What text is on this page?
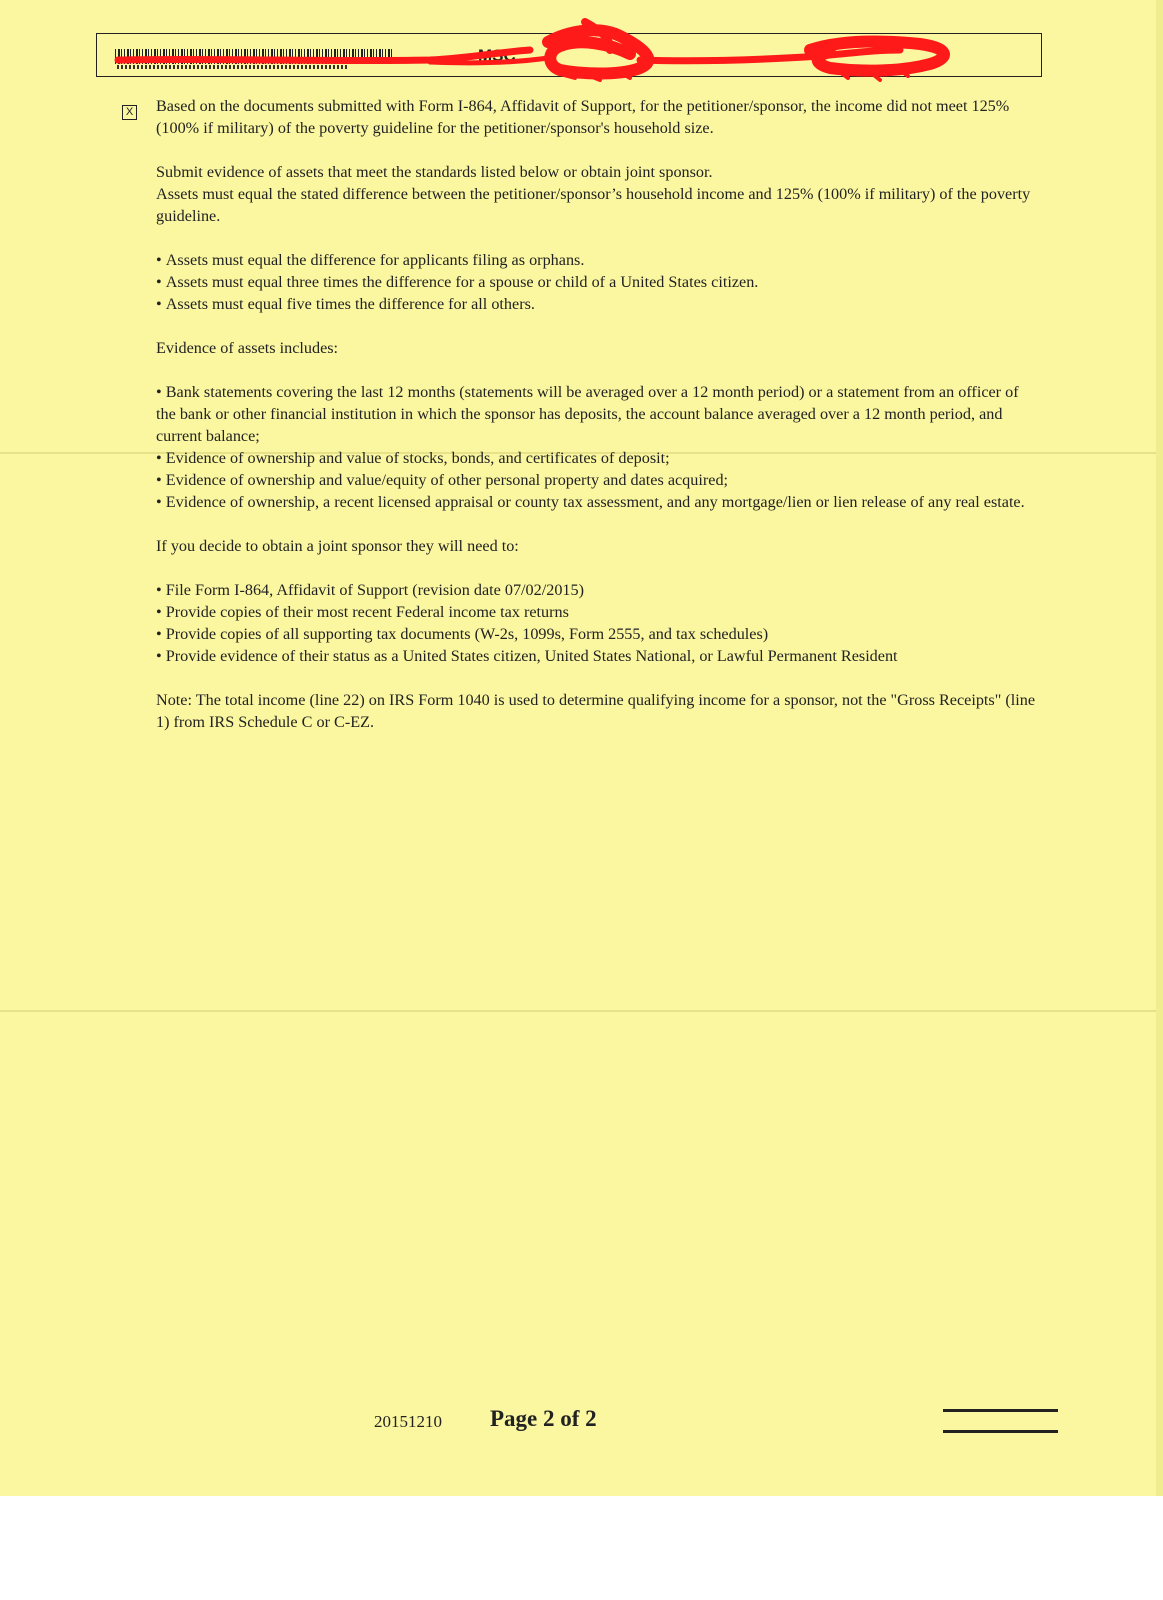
MSC
X Based on the documents submitted with Form I-864, Affidavit of Support, for the petitioner/sponsor, the income did not meet 125% (100% if military) of the poverty guideline for the petitioner/sponsor's household size.

Submit evidence of assets that meet the standards listed below or obtain joint sponsor.

Assets must equal the stated difference between the petitioner/sponsor’s household income and 125% (100% if military) of the poverty guideline.

• Assets must equal the difference for applicants filing as orphans.

• Assets must equal three times the difference for a spouse or child of a United States citizen.

• Assets must equal five times the difference for all others.

Evidence of assets includes:

• Bank statements covering the last 12 months (statements will be averaged over a 12 month period) or a statement from an officer of the bank or other financial institution in which the sponsor has deposits, the account balance averaged over a 12 month period, and current balance;

• Evidence of ownership and value of stocks, bonds, and certificates of deposit;

• Evidence of ownership and value/equity of other personal property and dates acquired;

• Evidence of ownership, a recent licensed appraisal or county tax assessment, and any mortgage/lien or lien release of any real estate.

If you decide to obtain a joint sponsor they will need to:

• File Form I-864, Affidavit of Support (revision date 07/02/2015)

• Provide copies of their most recent Federal income tax returns

• Provide copies of all supporting tax documents (W-2s, 1099s, Form 2555, and tax schedules)

• Provide evidence of their status as a United States citizen, United States National, or Lawful Permanent Resident

Note: The total income (line 22) on IRS Form 1040 is used to determine qualifying income for a sponsor, not the "Gross Receipts" (line 1) from IRS Schedule C or C-EZ.

20151210 Page 2 of 2
